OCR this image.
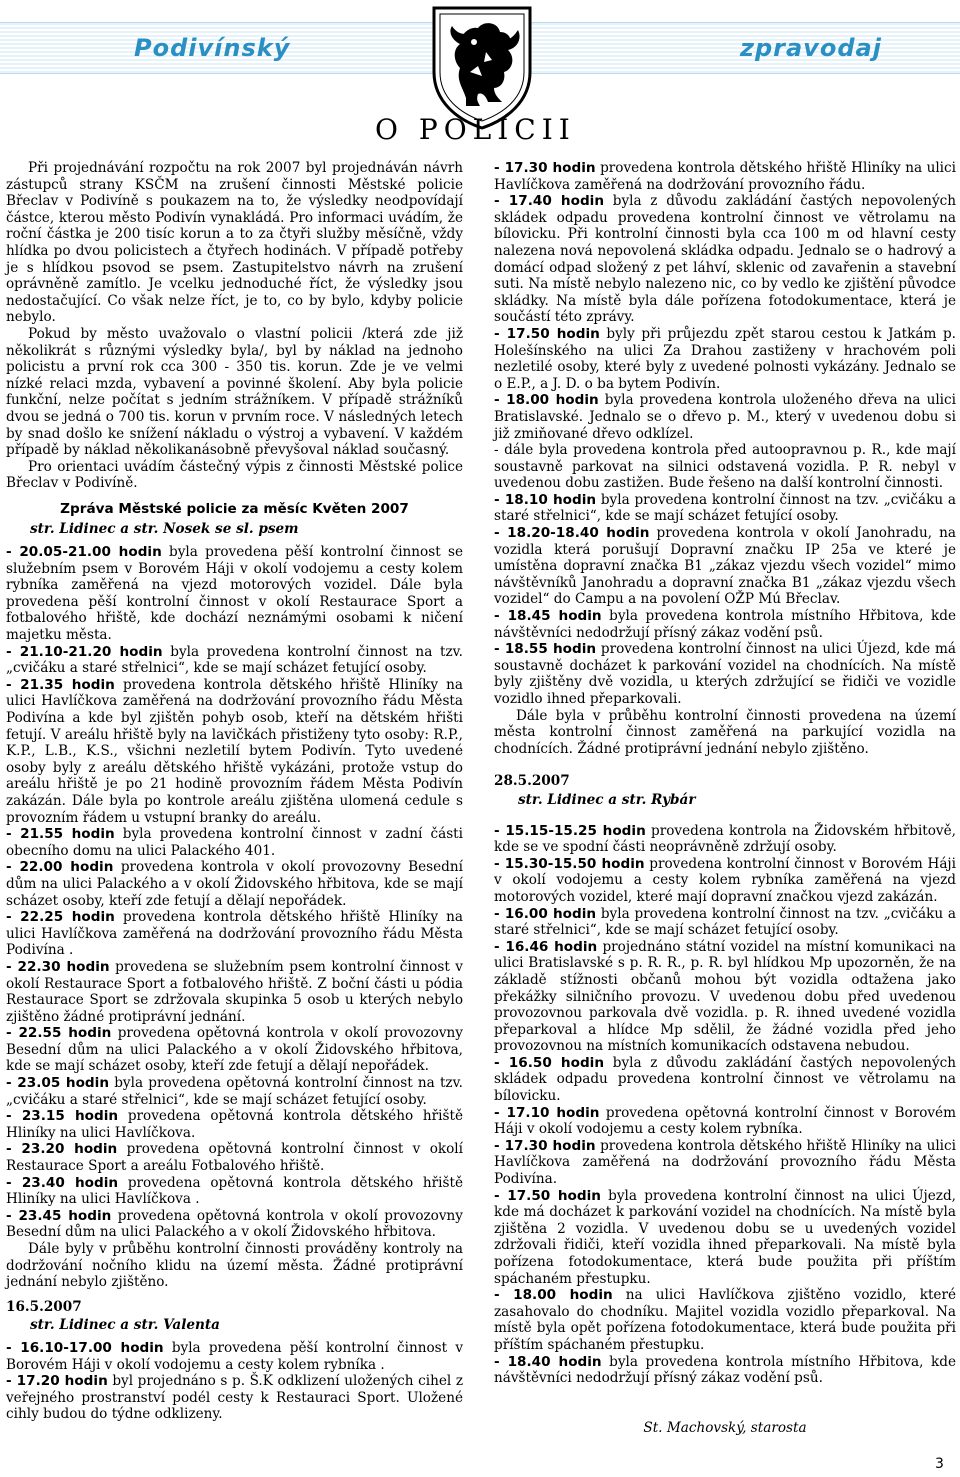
Podivínský	zpravodaj
O POLICII

Při projednávání rozpočtu na rok 2007 byl projednáván návrh zástupců strany KSČM na zrušení činnosti Městské policie Břeclav v Podivíně s poukazem na to, že výsledky neodpovídají částce, kterou město Podivín vynakládá. Pro informaci uvádím, že roční částka je 200 tisíc korun a to za čtyři služby měsíčně, vždy hlídka po dvou policistech a čtyřech hodinách. V případě potřeby je s hlídkou psovod se psem. Zastupitelstvo návrh na zrušení oprávněně zamítlo. Je vcelku jednoduché říct, že výsledky jsou nedostačující. Co však nelze říct, je to, co by bylo, kdyby policie nebylo.

Pokud by město uvažovalo o vlastní policii /která zde již několikrát s různými výsledky byla/, byl by náklad na jednoho policistu a první rok cca 300 - 350 tis. korun. Zde je ve velmi nízké relaci mzda, vybavení a povinné školení. Aby byla policie funkční, nelze počítat s jedním strážníkem. V případě strážníků dvou se jedná o 700 tis. korun v prvním roce. V následných letech by snad došlo ke snížení nákladu o výstroj a vybavení. V každém případě by náklad několikanásobně převyšoval náklad současný.

Pro orientaci uvádím částečný výpis z činnosti Městské police Břeclav v Podivíně.

Zpráva Městské policie za měsíc Květen 2007

str. Lidinec a str. Nosek se sl. psem

- 20.05-21.00 hodin byla provedena pěší kontrolní činnost se služebním psem v Borovém Háji v okolí vodojemu a cesty kolem rybníka zaměřená na vjezd motorových vozidel. Dále byla provedena pěší kontrolní činnost v okolí Restaurace Sport a fotbalového hřiště, kde dochází neznámými osobami k ničení majetku města.

- 21.10-21.20 hodin byla provedena kontrolní činnost na tzv. „cvičáku a staré střelnici“, kde se mají scházet fetující osoby.

- 21.35 hodin provedena kontrola dětského hřiště Hliníky na ulici Havlíčkova zaměřená na dodržování provozního řádu Města Podivína a kde byl zjištěn pohyb osob, kteří na dětském hřišti fetují. V areálu hřiště byly na lavičkách přistiženy tyto osoby: R.P., K.P., L.B., K.S., všichni nezletilí bytem Podivín. Tyto uvedené osoby byly z areálu dětského hřiště vykázáni, protože vstup do areálu hřiště je po 21 hodině provozním řádem Města Podivín zakázán. Dále byla po kontrole areálu zjištěna ulomená cedule s provozním řádem u vstupní branky do areálu.

- 21.55 hodin byla provedena kontrolní činnost v zadní části obecního domu na ulici Palackého 401.

- 22.00 hodin provedena kontrola v okolí provozovny Besední dům na ulici Palackého a v okolí Židovského hřbitova, kde se mají scházet osoby, kteří zde fetují a dělají nepořádek.

- 22.25 hodin provedena kontrola dětského hřiště Hliníky na ulici Havlíčkova zaměřená na dodržování provozního řádu Města Podivína .

- 22.30 hodin provedena se služebním psem kontrolní činnost v okolí Restaurace Sport a fotbalového hřiště. Z boční části u pódia Restaurace Sport se zdržovala skupinka 5 osob u kterých nebylo zjištěno žádné protiprávní jednání.

- 22.55 hodin provedena opětovná kontrola v okolí provozovny Besední dům na ulici Palackého a v okolí Židovského hřbitova, kde se mají scházet osoby, kteří zde fetují a dělají nepořádek.

- 23.05 hodin byla provedena opětovná kontrolní činnost na tzv. „cvičáku a staré střelnici“, kde se mají scházet fetující osoby.

- 23.15 hodin provedena opětovná kontrola dětského hřiště Hliníky na ulici Havlíčkova.

- 23.20 hodin provedena opětovná kontrolní činnost v okolí Restaurace Sport a areálu Fotbalového hřiště.

- 23.40 hodin provedena opětovná kontrola dětského hřiště Hliníky na ulici Havlíčkova .

- 23.45 hodin provedena opětovná kontrola v okolí provozovny Besední dům na ulici Palackého a v okolí Židovského hřbitova.

Dále byly v průběhu kontrolní činnosti prováděny kontroly na dodržování nočního klidu na území města. Žádné protiprávní jednání nebylo zjištěno.

16.5.2007

str. Lidinec a str. Valenta

- 16.10-17.00 hodin byla provedena pěší kontrolní činnost v Borovém Háji v okolí vodojemu a cesty kolem rybníka .

- 17.20 hodin byl projednáno s p. Š.K odklizení uložených cihel z veřejného prostranství podél cesty k Restauraci Sport. Uložené cihly budou do týdne odklizeny.

- 17.30 hodin provedena kontrola dětského hřiště Hliníky na ulici Havlíčkova zaměřená na dodržování provozního řádu.

- 17.40 hodin byla z důvodu zakládání častých nepovolených skládek odpadu provedena kontrolní činnost ve větrolamu na bílovicku. Při kontrolní činnosti byla cca 100 m od hlavní cesty nalezena nová nepovolená skládka odpadu. Jednalo se o hadrový a domácí odpad složený z pet láhví, sklenic od zavařenin a stavební suti. Na místě nebylo nalezeno nic, co by vedlo ke zjištění původce skládky. Na místě byla dále pořízena fotodokumentace, která je součástí této zprávy.

- 17.50 hodin byly při průjezdu zpět starou cestou k Jatkám p. Holešínského na ulici Za Drahou zastiženy v hrachovém poli nezletilé osoby, které byly z uvedené polnosti vykázány. Jednalo se o E.P., a J. D. o ba bytem Podivín.

- 18.00 hodin byla provedena kontrola uloženého dřeva na ulici Bratislavské. Jednalo se o dřevo p. M., který v uvedenou dobu si již zmiňované dřevo odklízel.

- dále byla provedena kontrola před autoopravnou p. R., kde mají soustavně parkovat na silnici odstavená vozidla. P. R. nebyl v uvedenou dobu zastižen. Bude řešeno na další kontrolní činnosti.

- 18.10 hodin byla provedena kontrolní činnost na tzv. „cvičáku a staré střelnici“, kde se mají scházet fetující osoby.

- 18.20-18.40 hodin provedena kontrola v okolí Janohradu, na vozidla která porušují Dopravní značku IP 25a ve které je umístěna dopravní značka B1 „zákaz vjezdu všech vozidel“ mimo návštěvníků Janohradu a dopravní značka B1 „zákaz vjezdu všech vozidel“ do Campu a na povolení OŽP Mú Břeclav.

- 18.45 hodin byla provedena kontrola místního Hřbitova, kde návštěvníci nedodržují přísný zákaz vodění psů.

- 18.55 hodin provedena kontrolní činnost na ulici Újezd, kde má soustavně docházet k parkování vozidel na chodnících. Na místě byly zjištěny dvě vozidla, u kterých zdržující se řidiči ve vozidle vozidlo ihned přeparkovali.

Dále byla v průběhu kontrolní činnosti provedena na území města kontrolní činnost zaměřená na parkující vozidla na chodnících. Žádné protiprávní jednání nebylo zjištěno.

28.5.2007

str. Lidinec a str. Rybár

- 15.15-15.25 hodin provedena kontrola na Židovském hřbitově, kde se ve spodní části neoprávněně zdržují osoby.

- 15.30-15.50 hodin provedena kontrolní činnost v Borovém Háji v okolí vodojemu a cesty kolem rybníka zaměřená na vjezd motorových vozidel, které mají dopravní značkou vjezd zakázán.

- 16.00 hodin byla provedena kontrolní činnost na tzv. „cvičáku a staré střelnici“, kde se mají scházet fetující osoby.

- 16.46 hodin projednáno státní vozidel na místní komunikaci na ulici Bratislavské s p. R. R., p. R. byl hlídkou Mp upozorněn, že na základě stížnosti občanů mohou být vozidla odtažena jako překážky silničního provozu. V uvedenou dobu před uvedenou provozovnou parkovala dvě vozidla. p. R. ihned uvedené vozidla přeparkoval a hlídce Mp sdělil, že žádné vozidla před jeho provozovnou na místních komunikacích odstavena nebudou.

- 16.50 hodin byla z důvodu zakládání častých nepovolených skládek odpadu provedena kontrolní činnost ve větrolamu na bílovicku.

- 17.10 hodin provedena opětovná kontrolní činnost v Borovém Háji v okolí vodojemu a cesty kolem rybníka.

- 17.30 hodin provedena kontrola dětského hřiště Hliníky na ulici Havlíčkova zaměřená na dodržování provozního řádu Města Podivína.

- 17.50 hodin byla provedena kontrolní činnost na ulici Újezd, kde má docházet k parkování vozidel na chodnících. Na místě byla zjištěna 2 vozidla. V uvedenou dobu se u uvedených vozidel zdržovali řidiči, kteří vozidla ihned přeparkovali. Na místě byla pořízena fotodokumentace, která bude použita při příštím spáchaném přestupku.

- 18.00 hodin na ulici Havlíčkova zjištěno vozidlo, které zasahovalo do chodníku. Majitel vozidla vozidlo přeparkoval. Na místě byla opět pořízena fotodokumentace, která bude použita při příštím spáchaném přestupku.

- 18.40 hodin byla provedena kontrola místního Hřbitova, kde návštěvníci nedodržují přísný zákaz vodění psů.

St. Machovský, starosta
3
